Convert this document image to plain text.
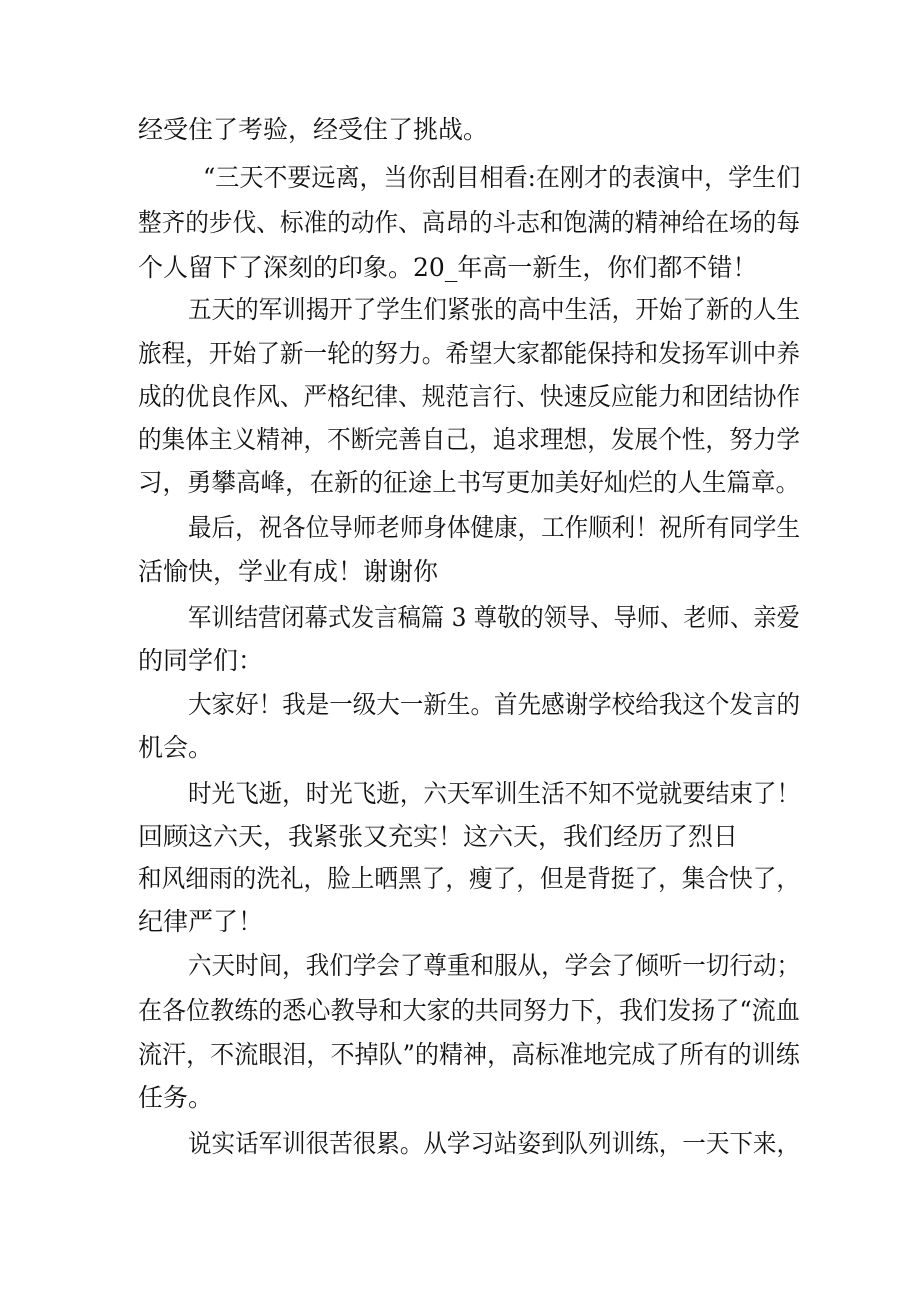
经受住了考验，经受住了挑战。
“三天不要远离，当你刮目相看:在刚才的表演中，学生们
整齐的步伐、标准的动作、高昂的斗志和饱满的精神给在场的每
个人留下了深刻的印象。20_年高一新生，你们都不错！
五天的军训揭开了学生们紧张的高中生活，开始了新的人生
旅程，开始了新一轮的努力。希望大家都能保持和发扬军训中养
成的优良作风、严格纪律、规范言行、快速反应能力和团结协作
的集体主义精神，不断完善自己，追求理想，发展个性，努力学
习，勇攀高峰，在新的征途上书写更加美好灿烂的人生篇章。
最后，祝各位导师老师身体健康，工作顺利！祝所有同学生
活愉快，学业有成！谢谢你
军训结营闭幕式发言稿篇 3 尊敬的领导、导师、老师、亲爱
的同学们：
大家好！我是一级大一新生。首先感谢学校给我这个发言的
机会。
时光飞逝，时光飞逝，六天军训生活不知不觉就要结束了！
回顾这六天，我紧张又充实！这六天，我们经历了烈日
和风细雨的洗礼，脸上晒黑了，瘦了，但是背挺了，集合快了，
纪律严了！
六天时间，我们学会了尊重和服从，学会了倾听一切行动；
在各位教练的悉心教导和大家的共同努力下，我们发扬了“流血
流汗，不流眼泪，不掉队”的精神，高标准地完成了所有的训练
任务。
说实话军训很苦很累。从学习站姿到队列训练，一天下来，
